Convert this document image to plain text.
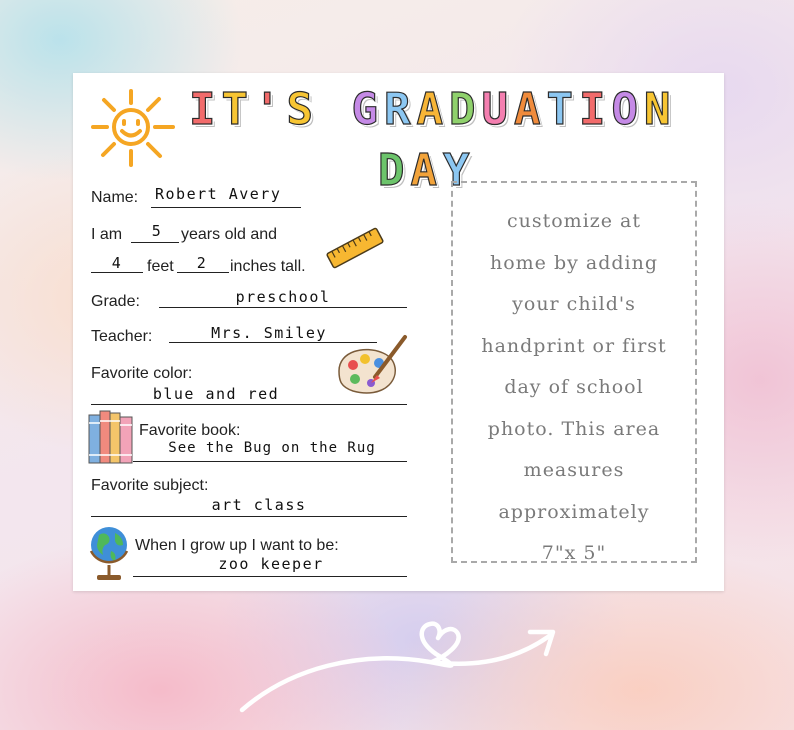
IT'S GRADUATION
DAY
Name: Robert Avery
I am	5	years old and
4	feet	2	inches tall.
Grade:	preschool
Teacher:	Mrs. Smiley
Favorite color:
blue and red
Favorite book:
See the Bug on the Rug
Favorite subject:
art class
When I grow up I want to be:
zoo keeper
customize at
home by adding
your child's
handprint or first
day of school
photo. This area
measures
approximately
7"x 5"
